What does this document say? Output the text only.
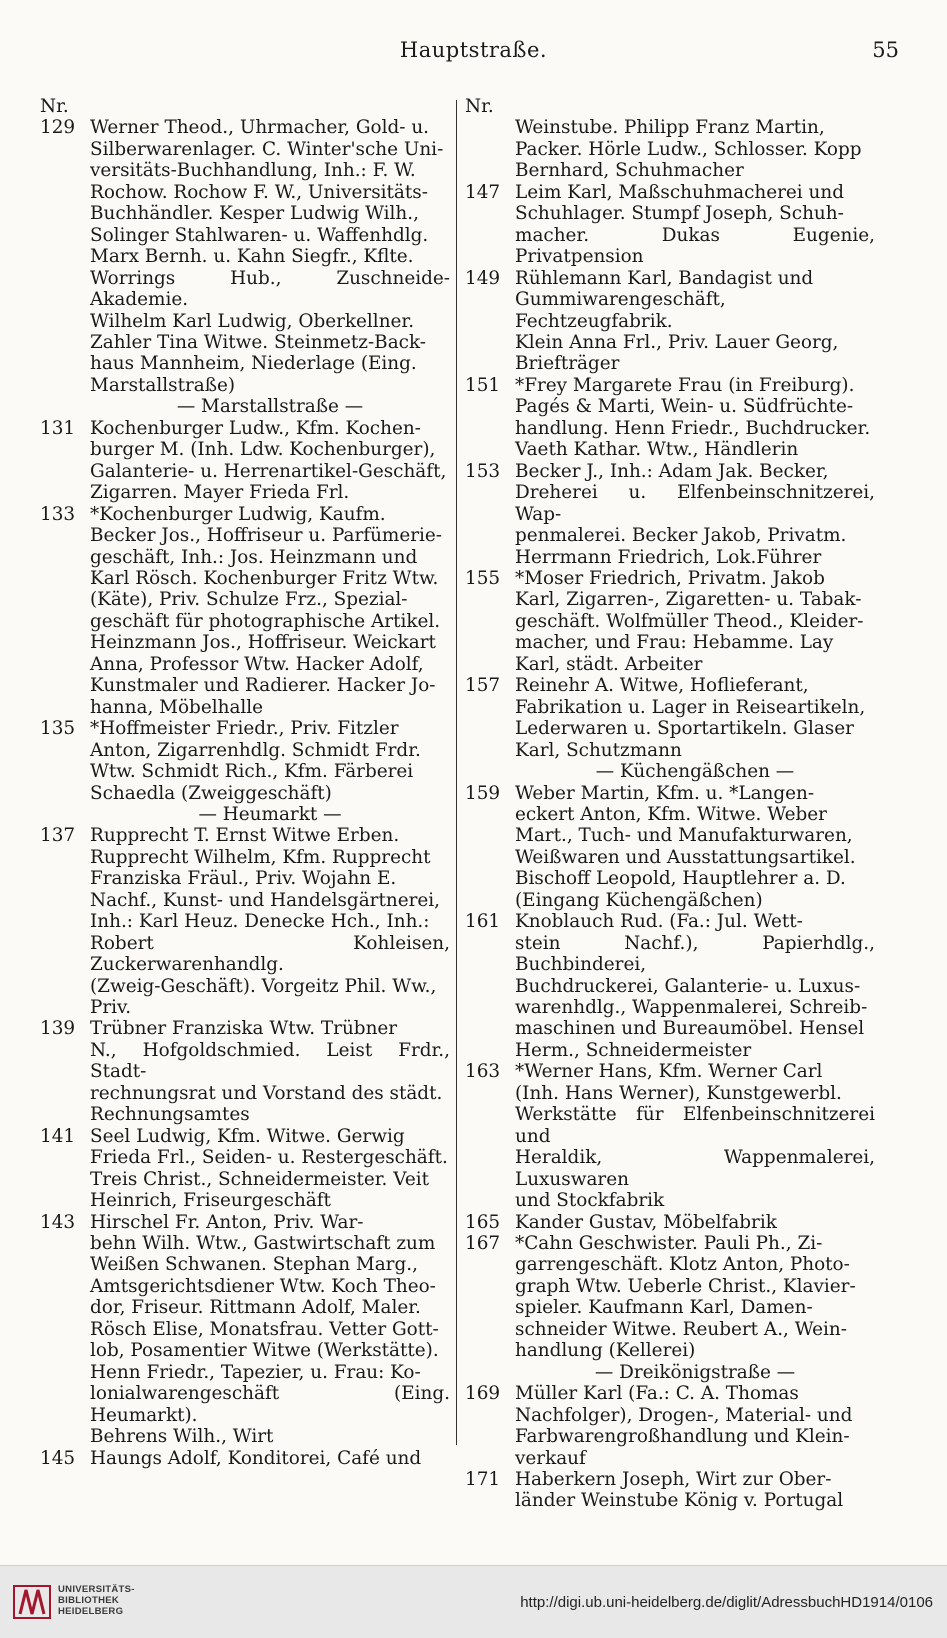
Hauptstraße.	55
Nr.
129 Werner Theod., Uhrmacher, Gold- u.
Silberwarenlager. C. Winter'sche Uni-
versitäts-Buchhandlung, Inh.: F. W.
Rochow. Rochow F. W., Universitäts-
Buchhändler. Kesper Ludwig Wilh.,
Solinger Stahlwaren- u. Waffenhdlg.
Marx Bernh. u. Kahn Siegfr., Kflte.
Worrings Hub., Zuschneide-Akademie.
Wilhelm Karl Ludwig, Oberkellner.
Zahler Tina Witwe. Steinmetz-Back-
haus Mannheim, Niederlage (Eing.
Marstallstraße)
— Marstallstraße —
131 Kochenburger Ludw., Kfm. Kochen-
burger M. (Inh. Ldw. Kochenburger),
Galanterie- u. Herrenartikel-Geschäft,
Zigarren. Mayer Frieda Frl.
133 *Kochenburger Ludwig, Kaufm.
Becker Jos., Hoffriseur u. Parfümerie-
geschäft, Inh.: Jos. Heinzmann und
Karl Rösch. Kochenburger Fritz Wtw.
(Käte), Priv. Schulze Frz., Spezial-
geschäft für photographische Artikel.
Heinzmann Jos., Hoffriseur. Weickart
Anna, Professor Wtw. Hacker Adolf,
Kunstmaler und Radierer. Hacker Jo-
hanna, Möbelhalle
135 *Hoffmeister Friedr., Priv. Fitzler
Anton, Zigarrenhdlg. Schmidt Frdr.
Wtw. Schmidt Rich., Kfm. Färberei
Schaedla (Zweiggeschäft)
— Heumarkt —
137 Rupprecht T. Ernst Witwe Erben.
Rupprecht Wilhelm, Kfm. Rupprecht
Franziska Fräul., Priv. Wojahn E.
Nachf., Kunst- und Handelsgärtnerei,
Inh.: Karl Heuz. Denecke Hch., Inh.:
Robert Kohleisen, Zuckerwarenhandlg.
(Zweig-Geschäft). Vorgeitz Phil. Ww.,
Priv.
139 Trübner Franziska Wtw. Trübner
N., Hofgoldschmied. Leist Frdr., Stadt-
rechnungsrat und Vorstand des städt.
Rechnungsamtes
141 Seel Ludwig, Kfm. Witwe. Gerwig
Frieda Frl., Seiden- u. Restergeschäft.
Treis Christ., Schneidermeister. Veit
Heinrich, Friseurgeschäft
143 Hirschel Fr. Anton, Priv. War-
behn Wilh. Wtw., Gastwirtschaft zum
Weißen Schwanen. Stephan Marg.,
Amtsgerichtsdiener Wtw. Koch Theo-
dor, Friseur. Rittmann Adolf, Maler.
Rösch Elise, Monatsfrau. Vetter Gott-
lob, Posamentier Witwe (Werkstätte).
Henn Friedr., Tapezier, u. Frau: Ko-
lonialwarengeschäft (Eing. Heumarkt).
Behrens Wilh., Wirt
145 Haungs Adolf, Konditorei, Café und
Nr.
Weinstube. Philipp Franz Martin,
Packer. Hörle Ludw., Schlosser. Kopp
Bernhard, Schuhmacher
147 Leim Karl, Maßschuhmacherei und
Schuhlager. Stumpf Joseph, Schuh-
macher. Dukas Eugenie, Privatpension
149 Rühlemann Karl, Bandagist und
Gummiwarengeschäft, Fechtzeugfabrik.
Klein Anna Frl., Priv. Lauer Georg,
Briefträger
151 *Frey Margarete Frau (in Freiburg).
Pagés & Marti, Wein- u. Südfrüchte-
handlung. Henn Friedr., Buchdrucker.
Vaeth Kathar. Wtw., Händlerin
153 Becker J., Inh.: Adam Jak. Becker,
Dreherei u. Elfenbeinschnitzerei, Wap-
penmalerei. Becker Jakob, Privatm.
Herrmann Friedrich, Lok.Führer
155 *Moser Friedrich, Privatm. Jakob
Karl, Zigarren-, Zigaretten- u. Tabak-
geschäft. Wolfmüller Theod., Kleider-
macher, und Frau: Hebamme. Lay
Karl, städt. Arbeiter
157 Reinehr A. Witwe, Hoflieferant,
Fabrikation u. Lager in Reiseartikeln,
Lederwaren u. Sportartikeln. Glaser
Karl, Schutzmann
— Küchengäßchen —
159 Weber Martin, Kfm. u. *Langen-
eckert Anton, Kfm. Witwe. Weber
Mart., Tuch- und Manufakturwaren,
Weißwaren und Ausstattungsartikel.
Bischoff Leopold, Hauptlehrer a. D.
(Eingang Küchengäßchen)
161 Knoblauch Rud. (Fa.: Jul. Wett-
stein Nachf.), Papierhdlg., Buchbinderei,
Buchdruckerei, Galanterie- u. Luxus-
warenhdlg., Wappenmalerei, Schreib-
maschinen und Bureaumöbel. Hensel
Herm., Schneidermeister
163 *Werner Hans, Kfm. Werner Carl
(Inh. Hans Werner), Kunstgewerbl.
Werkstätte für Elfenbeinschnitzerei und
Heraldik, Wappenmalerei, Luxuswaren
und Stockfabrik
165 Kander Gustav, Möbelfabrik
167 *Cahn Geschwister. Pauli Ph., Zi-
garrengeschäft. Klotz Anton, Photo-
graph Wtw. Ueberle Christ., Klavier-
spieler. Kaufmann Karl, Damen-
schneider Witwe. Reubert A., Wein-
handlung (Kellerei)
— Dreikönigstraße —
169 Müller Karl (Fa.: C. A. Thomas
Nachfolger), Drogen-, Material- und
Farbwarengroßhandlung und Klein-
verkauf
171 Haberkern Joseph, Wirt zur Ober-
länder Weinstube König v. Portugal
UNIVERSITÄTS-
BIBLIOTHEK
HEIDELBERG
http://digi.ub.uni-heidelberg.de/diglit/AdressbuchHD1914/0106
